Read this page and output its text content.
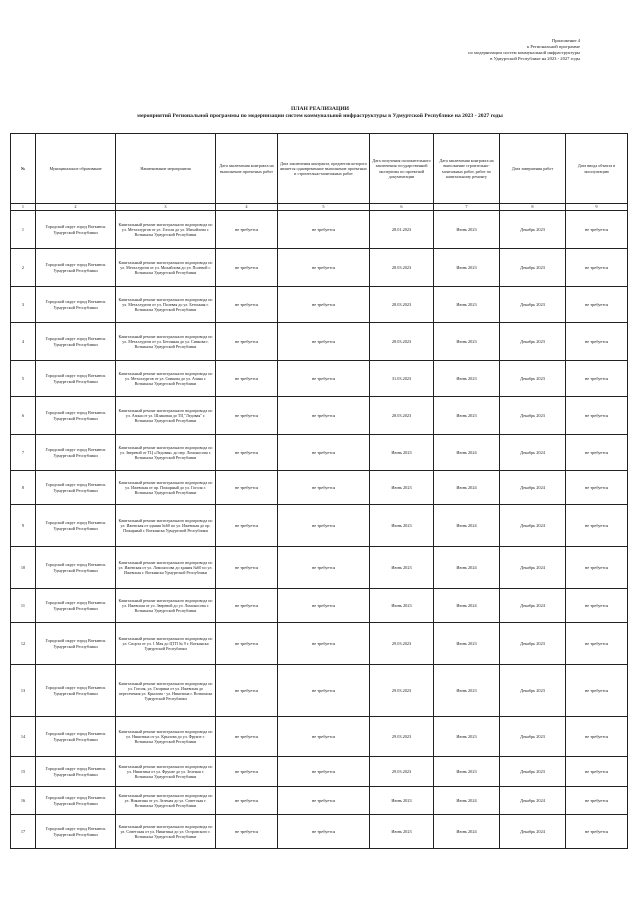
Приложение 4
к Региональной программе
по модернизации систем коммунальной инфраструктуры
в Удмуртской Республике на 2023 - 2027 годы
ПЛАН РЕАЛИЗАЦИИ
мероприятий Региональной программы по модернизации систем коммунальной инфраструктуры в Удмуртской Республике на 2023 - 2027 годы
№	Муниципальное образование	Наименование мероприятия	Дата заключения контракта на выполнение проектных работ	Дата заключения контракта, предметом которого является одновременное выполнение проектных и строительно-монтажных работ	Дата получения положительного заключения государственной экспертизы по проектной документации	Дата заключения контракта на выполнение строительно-монтажных работ, работ по капитальному ремонту	Дата завершения работ	Дата ввода объекта в эксплуатацию
1	2	3	4	5	6	7	8	9
1	Городской округ город Воткинск Удмуртской Республики	Капитальный ремонт магистрального водопровода по ул. Металлургов от ул. Гоголя до ул. Михайлова г. Воткинска Удмуртской Республики	не требуется	не требуется	28.01.2023	Июнь 2023	Декабрь 2023	не требуется
2	Городской округ город Воткинск Удмуртской Республики	Капитальный ремонт магистрального водопровода по ул. Металлургов от ул. Михайлова до ул. Полевой г. Воткинска Удмуртской Республики	не требуется	не требуется	28.03.2023	Июнь 2023	Декабрь 2023	не требуется
3	Городской округ город Воткинск Удмуртской Республики	Капитальный ремонт магистрального водопровода по ул. Металлургов от ул. Полевая до ул. Бетонная г. Воткинска Удмуртской Республики	не требуется	не требуется	28.03.2023	Июнь 2023	Декабрь 2023	не требуется
4	Городской округ город Воткинск Удмуртской Республики	Капитальный ремонт магистрального водопровода по ул. Металлургов от ул. Бетонная до ул. Сивкова г. Воткинска Удмуртской Республики	не требуется	не требуется	28.03.2023	Июнь 2023	Декабрь 2023	не требуется
5	Городской округ город Воткинск Удмуртской Республики	Капитальный ремонт магистрального водопровода по ул. Металлургов от ул. Сивкова до ул. Азина г. Воткинска Удмуртской Республики	не требуется	не требуется	31.03.2023	Июнь 2023	Декабрь 2023	не требуется
6	Городской округ город Воткинск Удмуртской Республики	Капитальный ремонт магистрального водопровода по ул. Азина от ул. Шлаковая до ТЦ "Ледовая" г. Воткинска Удмуртской Республики	не требуется	не требуется	28.03.2023	Июнь 2023	Декабрь 2023	не требуется
7	Городской округ город Воткинск Удмуртской Республики	Капитальный ремонт магистрального водопровода по ул. Зверевой от ТЦ «Ледовая» до пер. Ломоносова г. Воткинска Удмуртской Республики	не требуется	не требуется	Июнь 2023	Июнь 2024	Декабрь 2024	не требуется
8	Городской округ город Воткинск Удмуртской Республики	Капитальный ремонт магистрального водопровода по ул. Ижевская от пр. Пожарный до ул. Гоголя г. Воткинска Удмуртской Республики	не требуется	не требуется	Июнь 2023	Июнь 2024	Декабрь 2024	не требуется
9	Городской округ город Воткинск Удмуртской Республики	Капитальный ремонт магистрального водопровода по ул. Ижевская от здания №60 по ул. Ижевская до пр. Пожарный г. Воткинска Удмуртской Республики	не требуется	не требуется	Июнь 2023	Июнь 2024	Декабрь 2024	не требуется
10	Городской округ город Воткинск Удмуртской Республики	Капитальный ремонт магистрального водопровода по ул. Ижевская от ул. Ломоносова до здания №60 по ул. Ижевская г. Воткинска Удмуртской Республики	не требуется	не требуется	Июнь 2023	Июнь 2024	Декабрь 2024	не требуется
11	Городской округ город Воткинск Удмуртской Республики	Капитальный ремонт магистрального водопровода по ул. Ижевская от ул. Зверевой до ул. Ломоносова г. Воткинска Удмуртской Республики	не требуется	не требуется	Июнь 2023	Июнь 2024	Декабрь 2024	не требуется
12	Городской округ город Воткинск Удмуртской Республики	Капитальный ремонт магистрального водопровода по ул. Спорта от ул. 1 Мая до ЦТП № 9 г. Воткинска Удмуртской Республики	не требуется	не требуется	29.03.2023	Июнь 2023	Декабрь 2023	не требуется
13	Городской округ город Воткинск Удмуртской Республики	Капитальный ремонт магистрального водопровода по ул. Гоголя, ул. Гагарина от ул. Ижевская до пересечения ул. Крылова - ул. Никитина г. Воткинска Удмуртской Республики	не требуется	не требуется	29.03.2023	Июнь 2023	Декабрь 2023	не требуется
14	Городской округ город Воткинск Удмуртской Республики	Капитальный ремонт магистрального водопровода по ул. Никитина от ул. Крылова до ул. Фрунзе г. Воткинска Удмуртской Республики	не требуется	не требуется	29.03.2023	Июнь 2023	Декабрь 2023	не требуется
15	Городской округ город Воткинск Удмуртской Республики	Капитальный ремонт магистрального водопровода по ул. Никитина от ул. Фрунзе до ул. Зеленая г. Воткинска Удмуртской Республики	не требуется	не требуется	29.03.2023	Июнь 2023	Декабрь 2023	не требуется
16	Городской округ город Воткинск Удмуртской Республики	Капитальный ремонт магистрального водопровода по ул. Никитина от ул. Зеленая до ул. Советская г. Воткинска Удмуртской Республики	не требуется	не требуется	Июнь 2023	Июнь 2024	Декабрь 2024	не требуется
17	Городской округ город Воткинск Удмуртской Республики	Капитальный ремонт магистрального водопровода по ул. Советская от ул. Никитина до ул. Островского г. Воткинска Удмуртской Республики	не требуется	не требуется	Июнь 2023	Июнь 2024	Декабрь 2024	не требуется
